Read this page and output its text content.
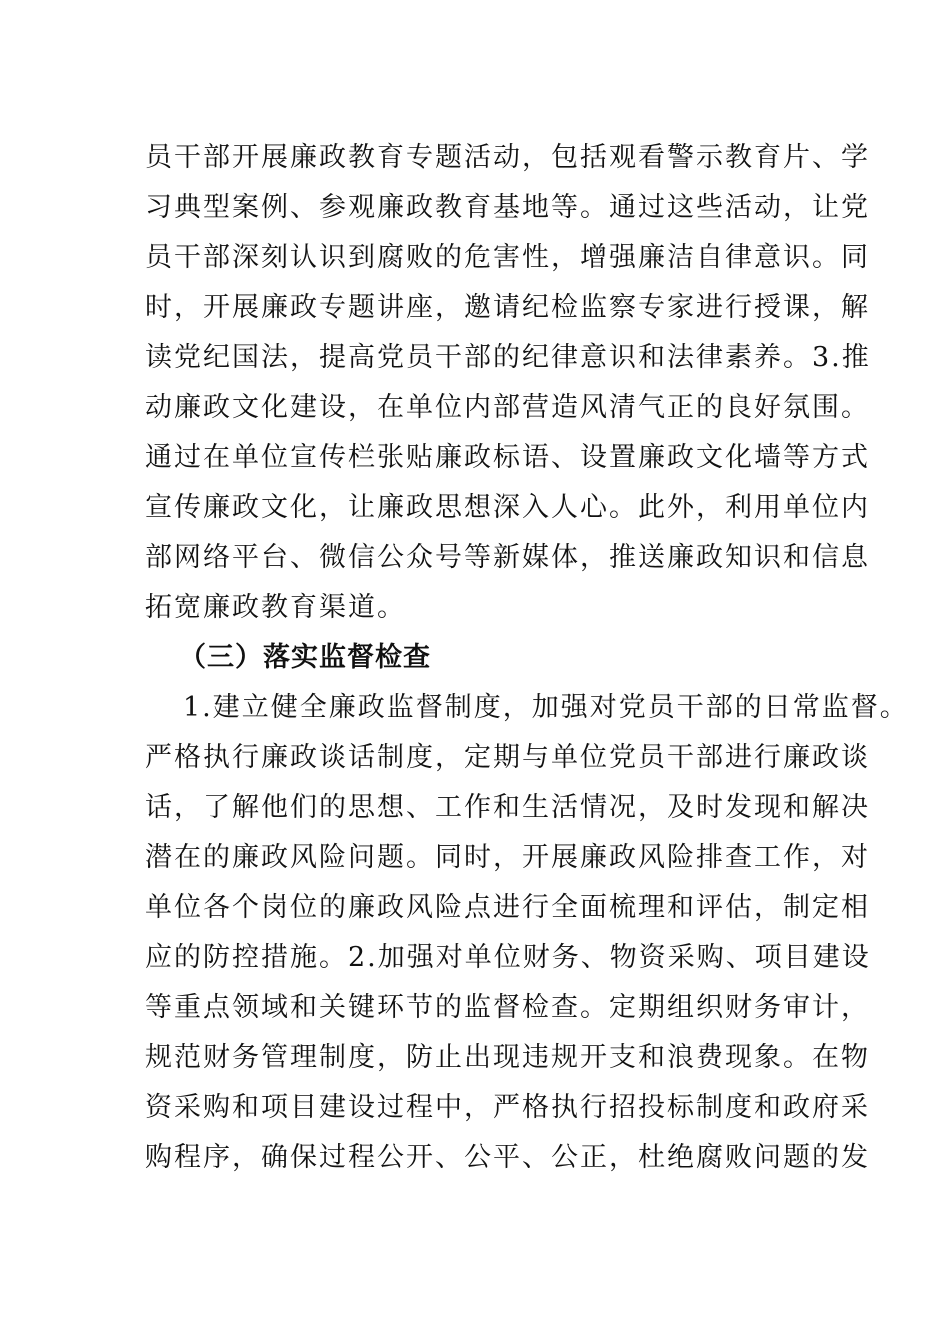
员干部开展廉政教育专题活动，包括观看警示教育片、学
习典型案例、参观廉政教育基地等。通过这些活动，让党
员干部深刻认识到腐败的危害性，增强廉洁自律意识。同
时，开展廉政专题讲座，邀请纪检监察专家进行授课，解
读党纪国法，提高党员干部的纪律意识和法律素养。3.推
动廉政文化建设，在单位内部营造风清气正的良好氛围。
通过在单位宣传栏张贴廉政标语、设置廉政文化墙等方式
宣传廉政文化，让廉政思想深入人心。此外，利用单位内
部网络平台、微信公众号等新媒体，推送廉政知识和信息
拓宽廉政教育渠道。
（三）落实监督检查
1.建立健全廉政监督制度，加强对党员干部的日常监督。
严格执行廉政谈话制度，定期与单位党员干部进行廉政谈
话，了解他们的思想、工作和生活情况，及时发现和解决
潜在的廉政风险问题。同时，开展廉政风险排查工作，对
单位各个岗位的廉政风险点进行全面梳理和评估，制定相
应的防控措施。2.加强对单位财务、物资采购、项目建设
等重点领域和关键环节的监督检查。定期组织财务审计，
规范财务管理制度，防止出现违规开支和浪费现象。在物
资采购和项目建设过程中，严格执行招投标制度和政府采
购程序，确保过程公开、公平、公正，杜绝腐败问题的发
